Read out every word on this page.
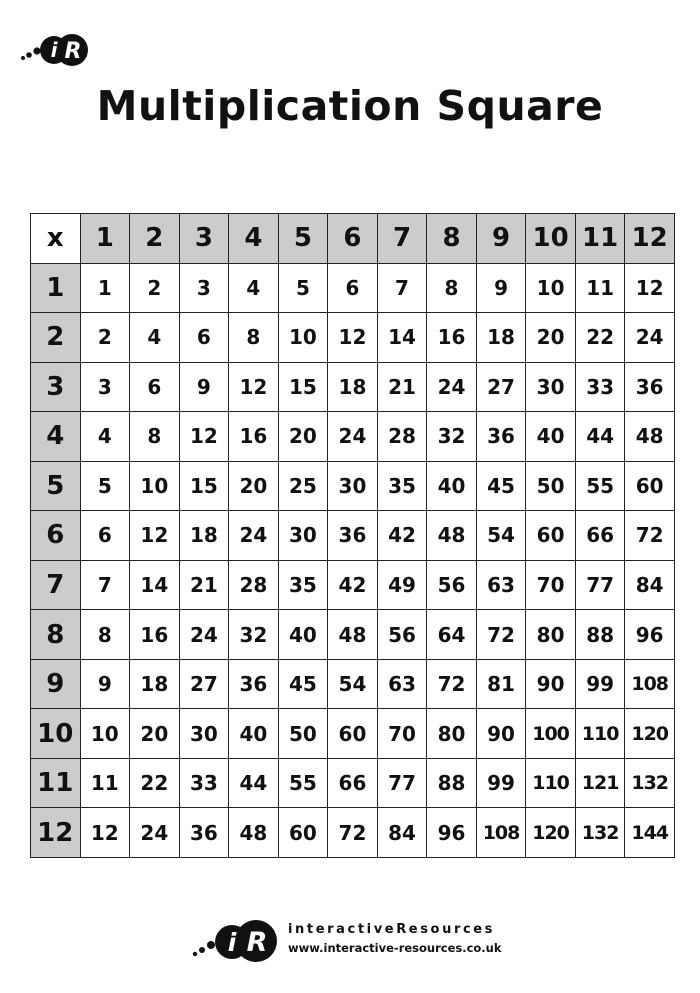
i R
Multiplication Square
x	1	2	3	4	5	6	7	8	9	10	11	12
1	1	2	3	4	5	6	7	8	9	10	11	12
2	2	4	6	8	10	12	14	16	18	20	22	24
3	3	6	9	12	15	18	21	24	27	30	33	36
4	4	8	12	16	20	24	28	32	36	40	44	48
5	5	10	15	20	25	30	35	40	45	50	55	60
6	6	12	18	24	30	36	42	48	54	60	66	72
7	7	14	21	28	35	42	49	56	63	70	77	84
8	8	16	24	32	40	48	56	64	72	80	88	96
9	9	18	27	36	45	54	63	72	81	90	99	108
10	10	20	30	40	50	60	70	80	90	100	110	120
11	11	22	33	44	55	66	77	88	99	110	121	132
12	12	24	36	48	60	72	84	96	108	120	132	144
i R interactiveResources
www.interactive-resources.co.uk
